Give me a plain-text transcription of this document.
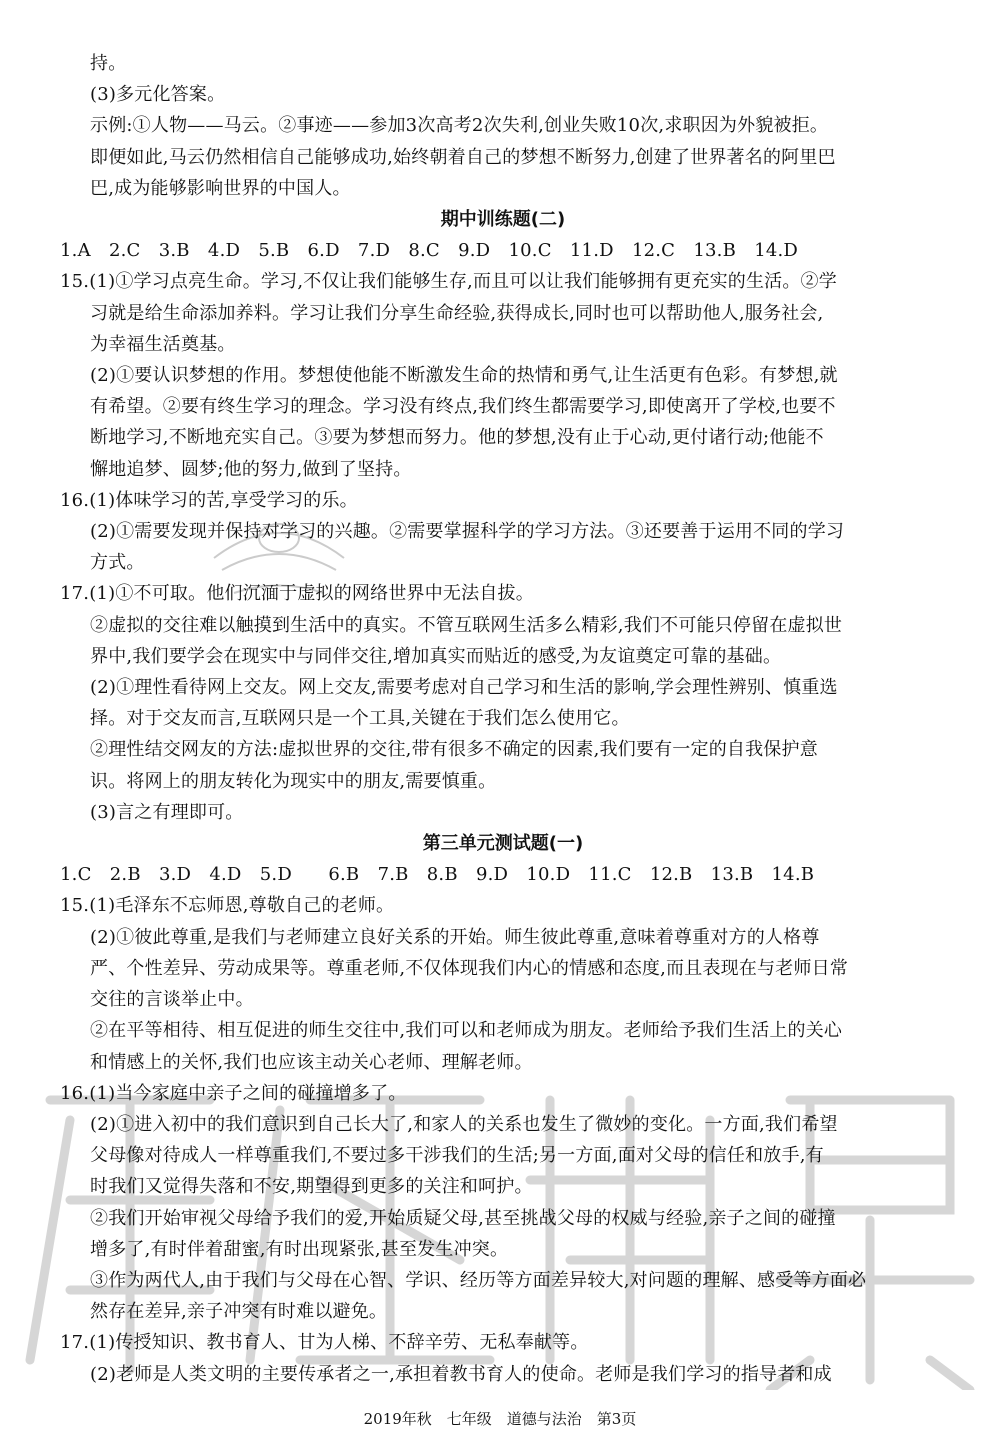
持。
(3)多元化答案。
示例:①人物——马云。②事迹——参加3次高考2次失利,创业失败10次,求职因为外貌被拒。
即便如此,马云仍然相信自己能够成功,始终朝着自己的梦想不断努力,创建了世界著名的阿里巴
巴,成为能够影响世界的中国人。
期中训练题(二)
1.A　2.C　3.B　4.D　5.B　6.D　7.D　8.C　9.D　10.C　11.D　12.C　13.B　14.D
15.(1)①学习点亮生命。学习,不仅让我们能够生存,而且可以让我们能够拥有更充实的生活。②学
习就是给生命添加养料。学习让我们分享生命经验,获得成长,同时也可以帮助他人,服务社会,
为幸福生活奠基。
(2)①要认识梦想的作用。梦想使他能不断激发生命的热情和勇气,让生活更有色彩。有梦想,就
有希望。②要有终生学习的理念。学习没有终点,我们终生都需要学习,即使离开了学校,也要不
断地学习,不断地充实自己。③要为梦想而努力。他的梦想,没有止于心动,更付诸行动;他能不
懈地追梦、圆梦;他的努力,做到了坚持。
16.(1)体味学习的苦,享受学习的乐。
(2)①需要发现并保持对学习的兴趣。②需要掌握科学的学习方法。③还要善于运用不同的学习
方式。
17.(1)①不可取。他们沉湎于虚拟的网络世界中无法自拔。
②虚拟的交往难以触摸到生活中的真实。不管互联网生活多么精彩,我们不可能只停留在虚拟世
界中,我们要学会在现实中与同伴交往,增加真实而贴近的感受,为友谊奠定可靠的基础。
(2)①理性看待网上交友。网上交友,需要考虑对自己学习和生活的影响,学会理性辨别、慎重选
择。对于交友而言,互联网只是一个工具,关键在于我们怎么使用它。
②理性结交网友的方法:虚拟世界的交往,带有很多不确定的因素,我们要有一定的自我保护意
识。将网上的朋友转化为现实中的朋友,需要慎重。
(3)言之有理即可。
第三单元测试题(一)
1.C　2.B　3.D　4.D　5.D　　6.B　7.B　8.B　9.D　10.D　11.C　12.B　13.B　14.B
15.(1)毛泽东不忘师恩,尊敬自己的老师。
(2)①彼此尊重,是我们与老师建立良好关系的开始。师生彼此尊重,意味着尊重对方的人格尊
严、个性差异、劳动成果等。尊重老师,不仅体现我们内心的情感和态度,而且表现在与老师日常
交往的言谈举止中。
②在平等相待、相互促进的师生交往中,我们可以和老师成为朋友。老师给予我们生活上的关心
和情感上的关怀,我们也应该主动关心老师、理解老师。
16.(1)当今家庭中亲子之间的碰撞增多了。
(2)①进入初中的我们意识到自己长大了,和家人的关系也发生了微妙的变化。一方面,我们希望
父母像对待成人一样尊重我们,不要过多干涉我们的生活;另一方面,面对父母的信任和放手,有
时我们又觉得失落和不安,期望得到更多的关注和呵护。
②我们开始审视父母给予我们的爱,开始质疑父母,甚至挑战父母的权威与经验,亲子之间的碰撞
增多了,有时伴着甜蜜,有时出现紧张,甚至发生冲突。
③作为两代人,由于我们与父母在心智、学识、经历等方面差异较大,对问题的理解、感受等方面必
然存在差异,亲子冲突有时难以避免。
17.(1)传授知识、教书育人、甘为人梯、不辞辛劳、无私奉献等。
(2)老师是人类文明的主要传承者之一,承担着教书育人的使命。老师是我们学习的指导者和成
2019年秋　七年级　道德与法治　第3页
